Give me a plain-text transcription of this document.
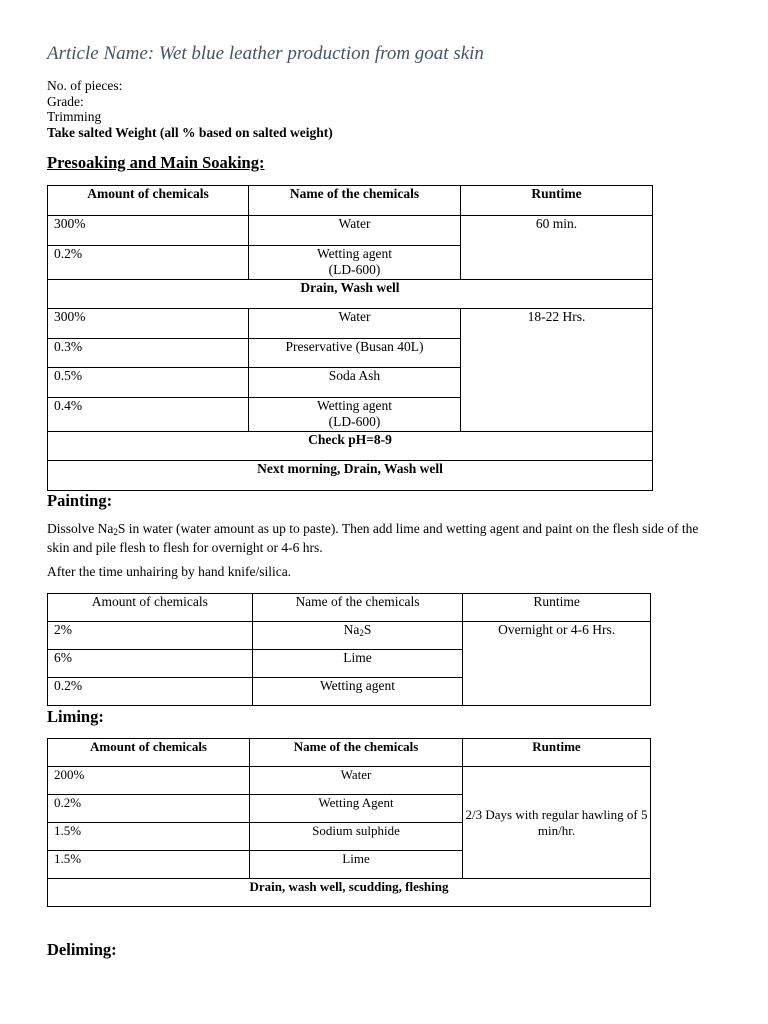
Article Name: Wet blue leather production from goat skin
No. of pieces:
Grade:
Trimming
Take salted Weight (all % based on salted weight)
Presoaking and Main Soaking:
Amount of chemicals	Name of the chemicals	Runtime
300%	Water	60 min.
0.2%	Wetting agent
(LD-600)	

Drain, Wash well		
300%	Water	18-22 Hrs.
0.3%	Preservative (Busan 40L)	
0.5%	Soda Ash	
0.4%	Wetting agent
(LD-600)	

Check pH=8-9		
Next morning, Drain, Wash well		
Painting:
Dissolve $Na_2S$ in water (water amount as up to paste). Then add lime and wetting agent and paint on the flesh side of the skin and pile flesh to flesh for overnight or 4-6 hrs.
After the time unhairing by hand knife/silica.
Amount of chemicals	Name of the chemicals	Runtime
2%	$Na_2S$	Overnight or 4-6 Hrs.
6%	Lime	
0.2%	Wetting agent	
Liming:
Amount of chemicals	Name of the chemicals	Runtime
200%	Water	2/3 Days with regular hawling of 5 min/hr.
0.2%	Wetting Agent	
1.5%	Sodium sulphide	
1.5%	Lime	
Drain, wash well, scudding, fleshing		
Deliming:
